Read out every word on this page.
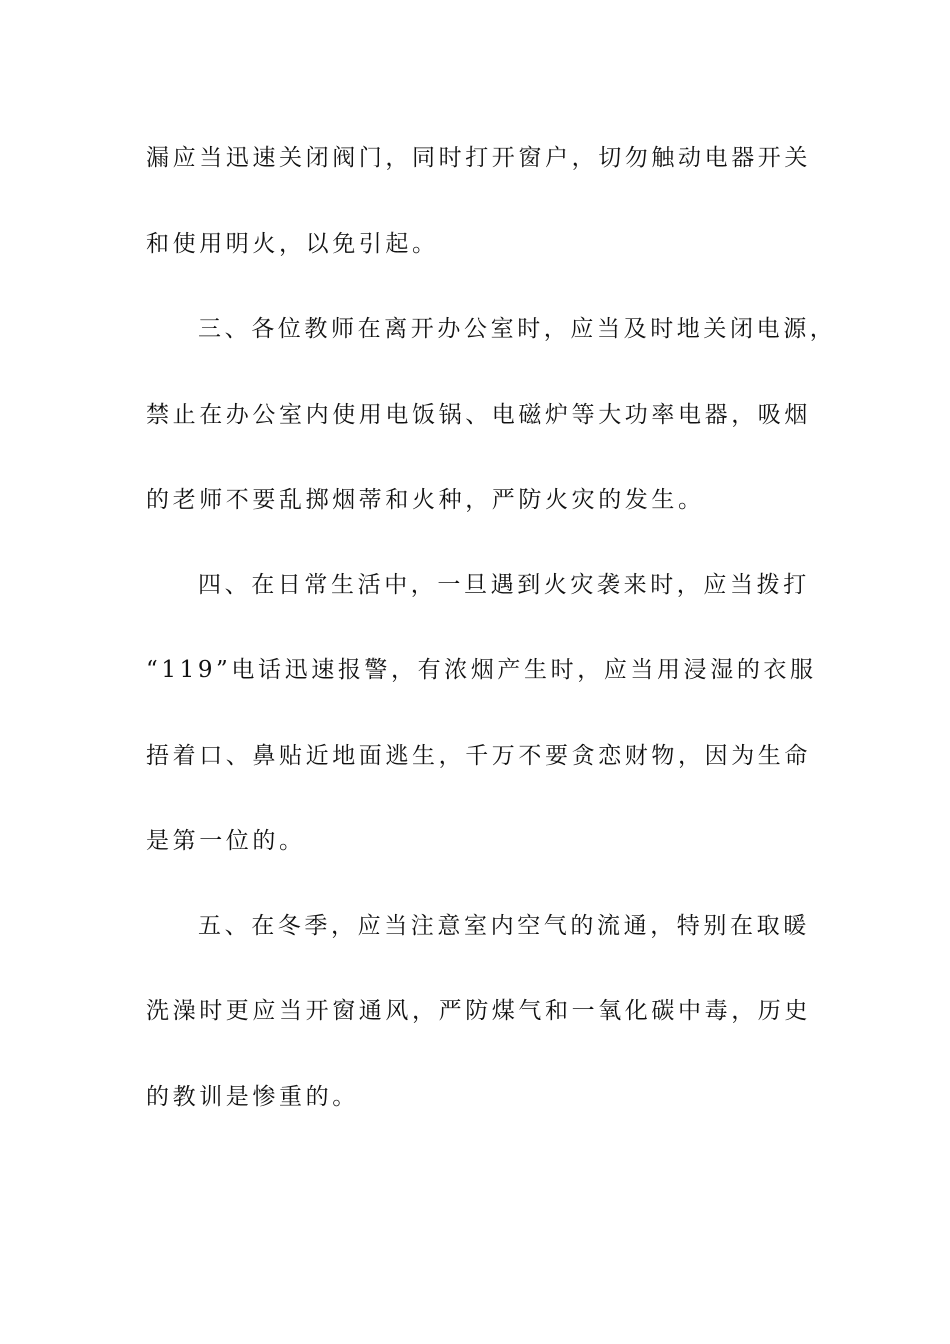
漏应当迅速关闭阀门，同时打开窗户，切勿触动电器开关
和使用明火，以免引起。
三、各位教师在离开办公室时，应当及时地关闭电源，
禁止在办公室内使用电饭锅、电磁炉等大功率电器，吸烟
的老师不要乱掷烟蒂和火种，严防火灾的发生。
四、在日常生活中，一旦遇到火灾袭来时，应当拨打
“119”电话迅速报警，有浓烟产生时，应当用浸湿的衣服
捂着口、鼻贴近地面逃生，千万不要贪恋财物，因为生命
是第一位的。
五、在冬季，应当注意室内空气的流通，特别在取暖
洗澡时更应当开窗通风，严防煤气和一氧化碳中毒，历史
的教训是惨重的。
